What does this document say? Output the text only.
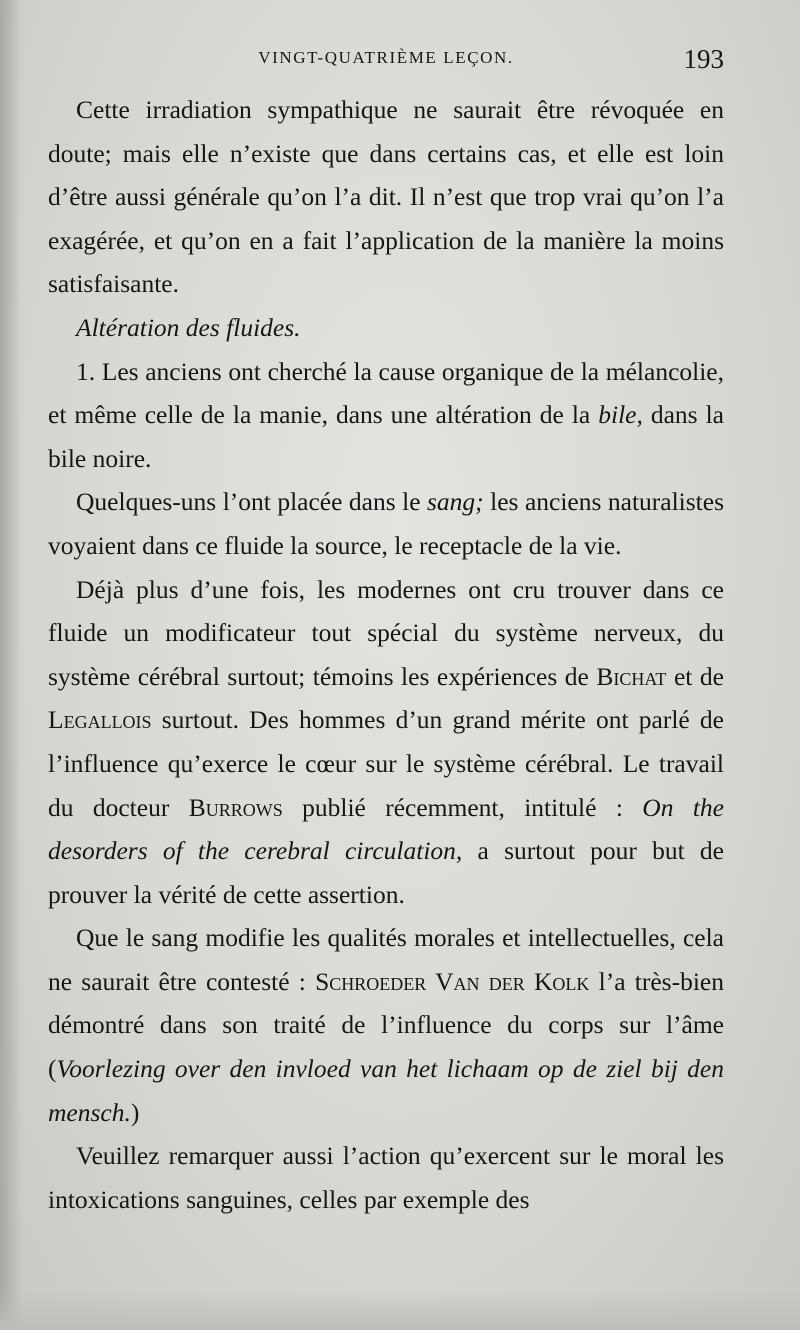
VINGT-QUATRIÈME LEÇON.	193

Cette irradiation sympathique ne saurait être révoquée en doute; mais elle n’existe que dans certains cas, et elle est loin d’être aussi générale qu’on l’a dit. Il n’est que trop vrai qu’on l’a exagérée, et qu’on en a fait l’application de la manière la moins satisfaisante.

Altération des fluides.

1. Les anciens ont cherché la cause organique de la mélancolie, et même celle de la manie, dans une altération de la bile, dans la bile noire.

Quelques-uns l’ont placée dans le sang; les anciens naturalistes voyaient dans ce fluide la source, le receptacle de la vie.

Déjà plus d’une fois, les modernes ont cru trouver dans ce fluide un modificateur tout spécial du système nerveux, du système cérébral surtout; témoins les expériences de Bichat et de Legallois surtout. Des hommes d’un grand mérite ont parlé de l’influence qu’exerce le cœur sur le système cérébral. Le travail du docteur Burrows publié récemment, intitulé : On the desorders of the cerebral circulation, a surtout pour but de prouver la vérité de cette assertion.

Que le sang modifie les qualités morales et intellectuelles, cela ne saurait être contesté : Schroeder Van der Kolk l’a très-bien démontré dans son traité de l’influence du corps sur l’âme (Voorlezing over den invloed van het lichaam op de ziel bij den mensch.)

Veuillez remarquer aussi l’action qu’exercent sur le moral les intoxications sanguines, celles par exemple des
